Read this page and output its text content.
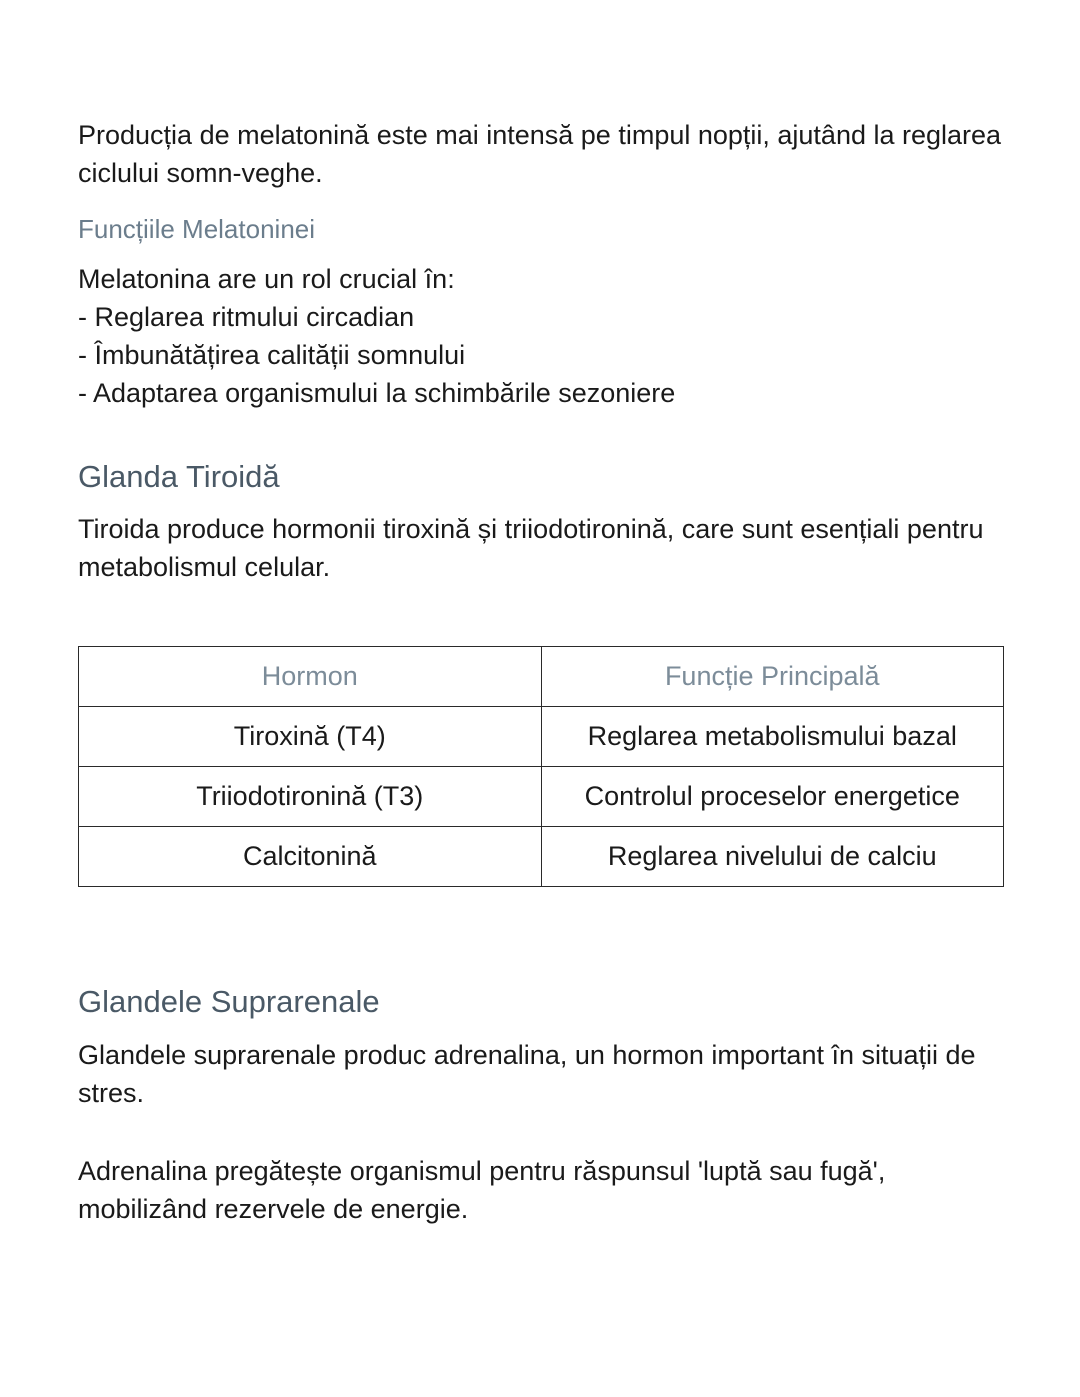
Producția de melatonină este mai intensă pe timpul nopții, ajutând la reglarea ciclului somn-veghe.

Funcțiile Melatoninei

Melatonina are un rol crucial în:
- Reglarea ritmului circadian
- Îmbunătățirea calității somnului
- Adaptarea organismului la schimbările sezoniere

Glanda Tiroidă

Tiroida produce hormonii tiroxină și triiodotironină, care sunt esențiali pentru metabolismul celular.

Hormon	Funcție Principală
Tiroxină (T4)	Reglarea metabolismului bazal
Triiodotironină (T3)	Controlul proceselor energetice
Calcitonină	Reglarea nivelului de calciu
Glandele Suprarenale

Glandele suprarenale produc adrenalina, un hormon important în situații de stres.

Adrenalina pregătește organismul pentru răspunsul 'luptă sau fugă', mobilizând rezervele de energie.
